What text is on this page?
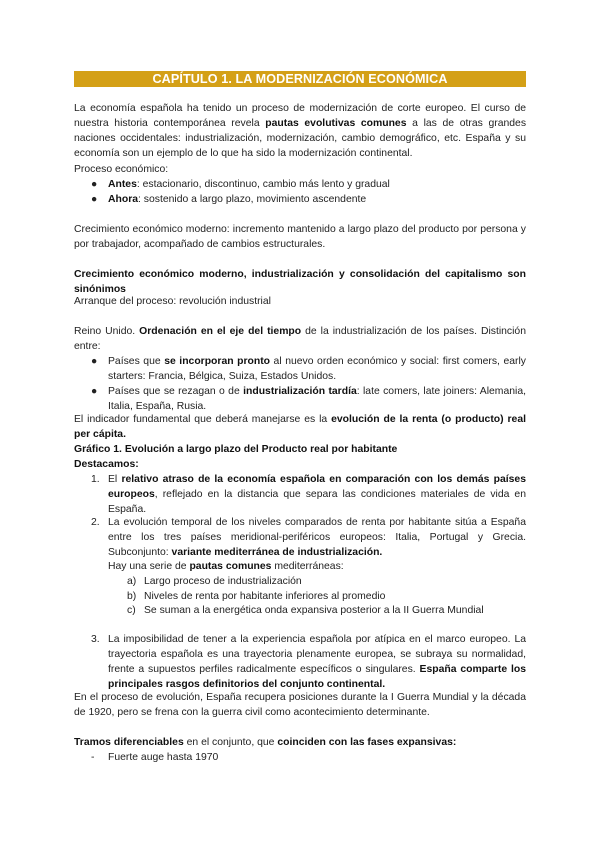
CAPÍTULO 1. LA MODERNIZACIÓN ECONÓMICA
La economía española ha tenido un proceso de modernización de corte europeo. El curso de nuestra historia contemporánea revela pautas evolutivas comunes a las de otras grandes naciones occidentales: industrialización, modernización, cambio demográfico, etc. España y su economía son un ejemplo de lo que ha sido la modernización continental.
Proceso económico:
● Antes: estacionario, discontinuo, cambio más lento y gradual
● Ahora: sostenido a largo plazo, movimiento ascendente
Crecimiento económico moderno: incremento mantenido a largo plazo del producto por persona y por trabajador, acompañado de cambios estructurales.
Crecimiento económico moderno, industrialización y consolidación del capitalismo son sinónimos
Arranque del proceso: revolución industrial
Reino Unido. Ordenación en el eje del tiempo de la industrialización de los países. Distinción entre:
● Países que se incorporan pronto al nuevo orden económico y social: first comers, early starters: Francia, Bélgica, Suiza, Estados Unidos.
● Países que se rezagan o de industrialización tardía: late comers, late joiners: Alemania, Italia, España, Rusia.
El indicador fundamental que deberá manejarse es la evolución de la renta (o producto) real per cápita.
Gráfico 1. Evolución a largo plazo del Producto real por habitante
Destacamos:
1. El relativo atraso de la economía española en comparación con los demás países europeos, reflejado en la distancia que separa las condiciones materiales de vida en España.
2. La evolución temporal de los niveles comparados de renta por habitante sitúa a España entre los tres países meridional-periféricos europeos: Italia, Portugal y Grecia. Subconjunto: variante mediterránea de industrialización.
Hay una serie de pautas comunes mediterráneas:
a) Largo proceso de industrialización
b) Niveles de renta por habitante inferiores al promedio
c) Se suman a la energética onda expansiva posterior a la II Guerra Mundial
3. La imposibilidad de tener a la experiencia española por atípica en el marco europeo. La trayectoria española es una trayectoria plenamente europea, se subraya su normalidad, frente a supuestos perfiles radicalmente específicos o singulares. España comparte los principales rasgos definitorios del conjunto continental.
En el proceso de evolución, España recupera posiciones durante la I Guerra Mundial y la década de 1920, pero se frena con la guerra civil como acontecimiento determinante.
Tramos diferenciables en el conjunto, que coinciden con las fases expansivas:
- Fuerte auge hasta 1970
